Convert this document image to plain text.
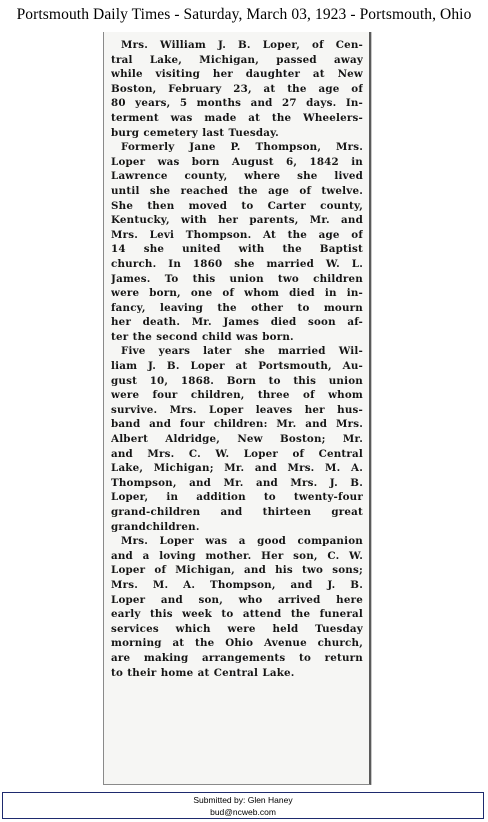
Portsmouth Daily Times - Saturday, March 03, 1923 - Portsmouth, Ohio

Mrs. William J. B. Loper, of Cen-
tral Lake, Michigan, passed away
while visiting her daughter at New
Boston, February 23, at the age of
80 years, 5 months and 27 days. In-
terment was made at the Wheelers-
burg cemetery last Tuesday.

Formerly Jane P. Thompson, Mrs.
Loper was born August 6, 1842 in
Lawrence county, where she lived
until she reached the age of twelve.
She then moved to Carter county,
Kentucky, with her parents, Mr. and
Mrs. Levi Thompson. At the age of
14 she united with the Baptist
church. In 1860 she married W. L.
James. To this union two children
were born, one of whom died in in-
fancy, leaving the other to mourn
her death. Mr. James died soon af-
ter the second child was born.

Five years later she married Wil-
liam J. B. Loper at Portsmouth, Au-
gust 10, 1868. Born to this union
were four children, three of whom
survive. Mrs. Loper leaves her hus-
band and four children: Mr. and Mrs.
Albert Aldridge, New Boston; Mr.
and Mrs. C. W. Loper of Central
Lake, Michigan; Mr. and Mrs. M. A.
Thompson, and Mr. and Mrs. J. B.
Loper, in addition to twenty-four
grand-children and thirteen great
grandchildren.

Mrs. Loper was a good companion
and a loving mother. Her son, C. W.
Loper of Michigan, and his two sons;
Mrs. M. A. Thompson, and J. B.
Loper and son, who arrived here
early this week to attend the funeral
services which were held Tuesday
morning at the Ohio Avenue church,
are making arrangements to return
to their home at Central Lake.

Submitted by: Glen Haney
bud@ncweb.com
